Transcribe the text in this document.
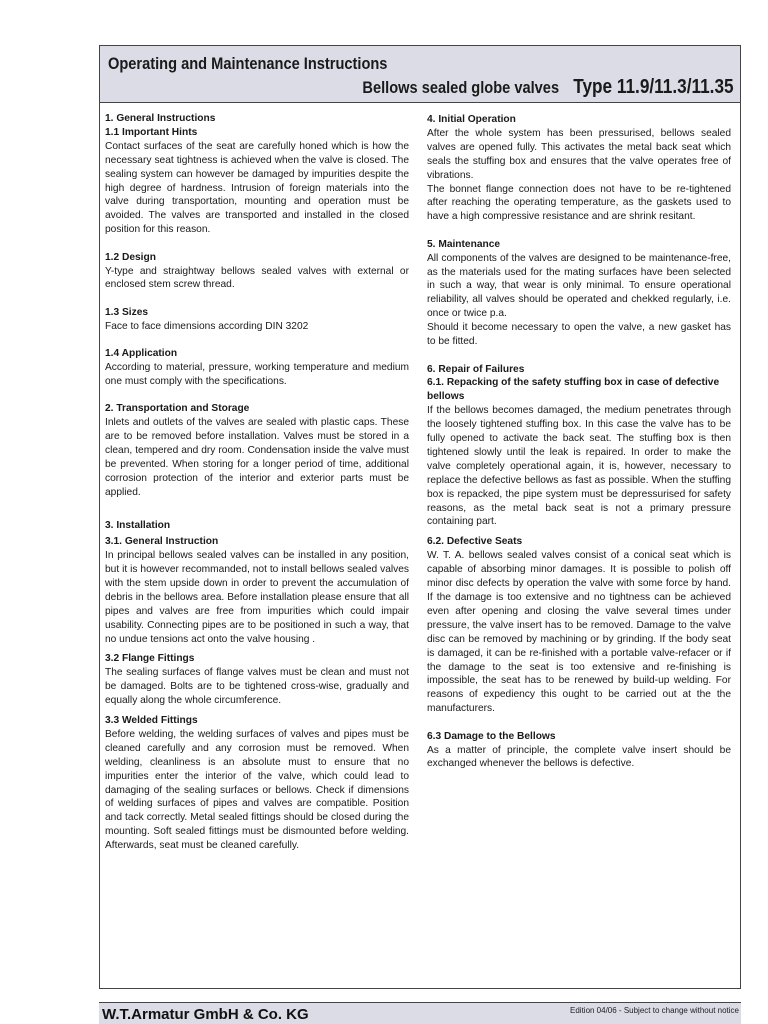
Operating and Maintenance Instructions
Bellows sealed globe valves Type 11.9/11.3/11.35
1. General Instructions
1.1 Important Hints

Contact surfaces of the seat are carefully honed which is how the necessary seat tightness is achieved when the valve is closed. The sealing system can however be damaged by impurities despite the high degree of hardness. Intrusion of foreign materials into the valve during transportation, mounting and operation must be avoided. The valves are transported and installed in the closed position for this reason.

1.2 Design

Y-type and straightway bellows sealed valves with external or enclosed stem screw thread.

1.3 Sizes

Face to face dimensions according DIN 3202

1.4 Application

According to material, pressure, working temperature and medium one must comply with the specifications.

2. Transportation and Storage

Inlets and outlets of the valves are sealed with plastic caps. These are to be removed before installation. Valves must be stored in a clean, tempered and dry room. Condensation inside the valve must be prevented. When storing for a longer period of time, additional corrosion protection of the interior and exterior parts must be applied.

3. Installation
3.1. General Instruction

In principal bellows sealed valves can be installed in any position, but it is however recommanded, not to install bellows sealed valves with the stem upside down in order to prevent the accumulation of debris in the bellows area. Before installation please ensure that all pipes and valves are free from impurities which could impair usability. Connecting pipes are to be positioned in such a way, that no undue tensions act onto the valve housing .

3.2 Flange Fittings

The sealing surfaces of flange valves must be clean and must not be damaged. Bolts are to be tightened cross-wise, gradually and equally along the whole circumference.

3.3 Welded Fittings

Before welding, the welding surfaces of valves and pipes must be cleaned carefully and any corrosion must be removed. When welding, cleanliness is an absolute must to ensure that no impurities enter the interior of the valve, which could lead to damaging of the sealing surfaces or bellows. Check if dimensions of welding surfaces of pipes and valves are compatible. Position and tack correctly. Metal sealed fittings should be closed during the mounting. Soft sealed fittings must be dismounted before welding. Afterwards, seat must be cleaned carefully.

4. Initial Operation

After the whole system has been pressurised, bellows sealed valves are opened fully. This activates the metal back seat which seals the stuffing box and ensures that the valve operates free of vibrations.

The bonnet flange connection does not have to be re-tightened after reaching the operating temperature, as the gaskets used to have a high compressive resistance and are shrink resitant.

5. Maintenance

All components of the valves are designed to be maintenance-free, as the materials used for the mating surfaces have been selected in such a way, that wear is only minimal. To ensure operational reliability, all valves should be operated and chekked regularly, i.e. once or twice p.a.

Should it become necessary to open the valve, a new gasket has to be fitted.

6. Repair of Failures
6.1. Repacking of the safety stuffing box in case of defective bellows

If the bellows becomes damaged, the medium penetrates through the loosely tightened stuffing box. In this case the valve has to be fully opened to activate the back seat. The stuffing box is then tightened slowly until the leak is repaired. In order to make the valve completely operational again, it is, however, necessary to replace the defective bellows as fast as possible. When the stuffing box is repacked, the pipe system must be depressurised for safety reasons, as the metal back seat is not a primary pressure containing part.

6.2. Defective Seats

W. T. A. bellows sealed valves consist of a conical seat which is capable of absorbing minor damages. It is possible to polish off minor disc defects by operation the valve with some force by hand. If the damage is too extensive and no tightness can be achieved even after opening and closing the valve several times under pressure, the valve insert has to be removed. Damage to the valve disc can be removed by machining or by grinding. If the body seat is damaged, it can be re-finished with a portable valve-refacer or if the damage to the seat is too extensive and re-finishing is impossible, the seat has to be renewed by build-up welding. For reasons of expediency this ought to be carried out at the the manufacturers.

6.3 Damage to the Bellows

As a matter of principle, the complete valve insert should be exchanged whenever the bellows is defective.

W.T.Armatur GmbH & Co. KG	Edition 04/06 - Subject to change without notice
